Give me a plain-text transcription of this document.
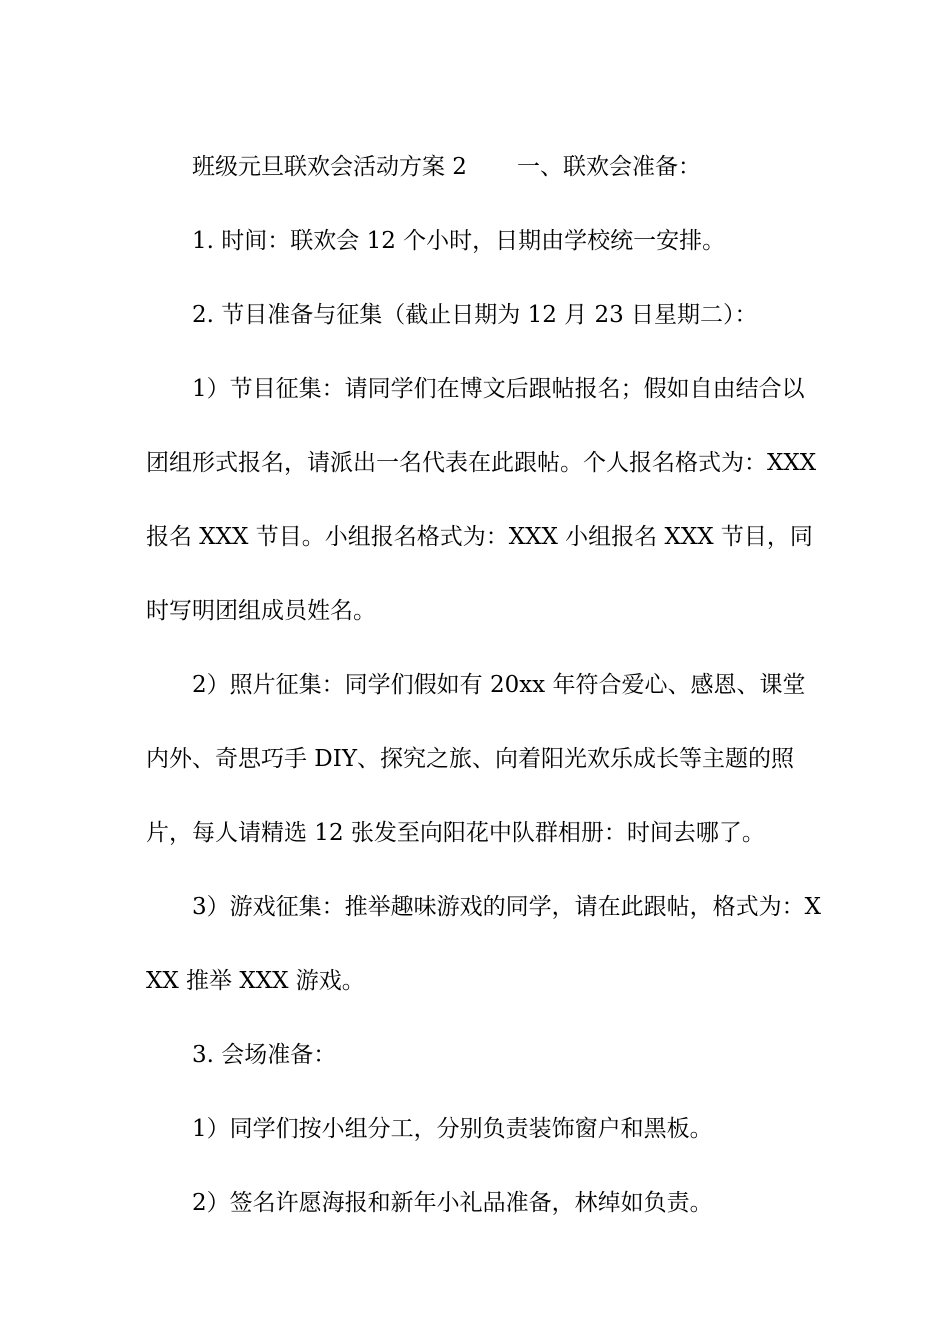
班级元旦联欢会活动方案 2 一、联欢会准备：

1. 时间：联欢会 12 个小时，日期由学校统一安排。

2. 节目准备与征集（截止日期为 12 月 23 日星期二）：

1）节目征集：请同学们在博文后跟帖报名；假如自由结合以团组形式报名，请派出一名代表在此跟帖。个人报名格式为：XXX 报名 XXX 节目。小组报名格式为：XXX 小组报名 XXX 节目，同时写明团组成员姓名。

2）照片征集：同学们假如有 20xx 年符合爱心、感恩、课堂内外、奇思巧手 DIY、探究之旅、向着阳光欢乐成长等主题的照片，每人请精选 12 张发至向阳花中队群相册：时间去哪了。

3）游戏征集：推举趣味游戏的同学，请在此跟帖，格式为：XXX 推举 XXX 游戏。

3. 会场准备：

1）同学们按小组分工，分别负责装饰窗户和黑板。

2）签名许愿海报和新年小礼品准备，林绰如负责。
